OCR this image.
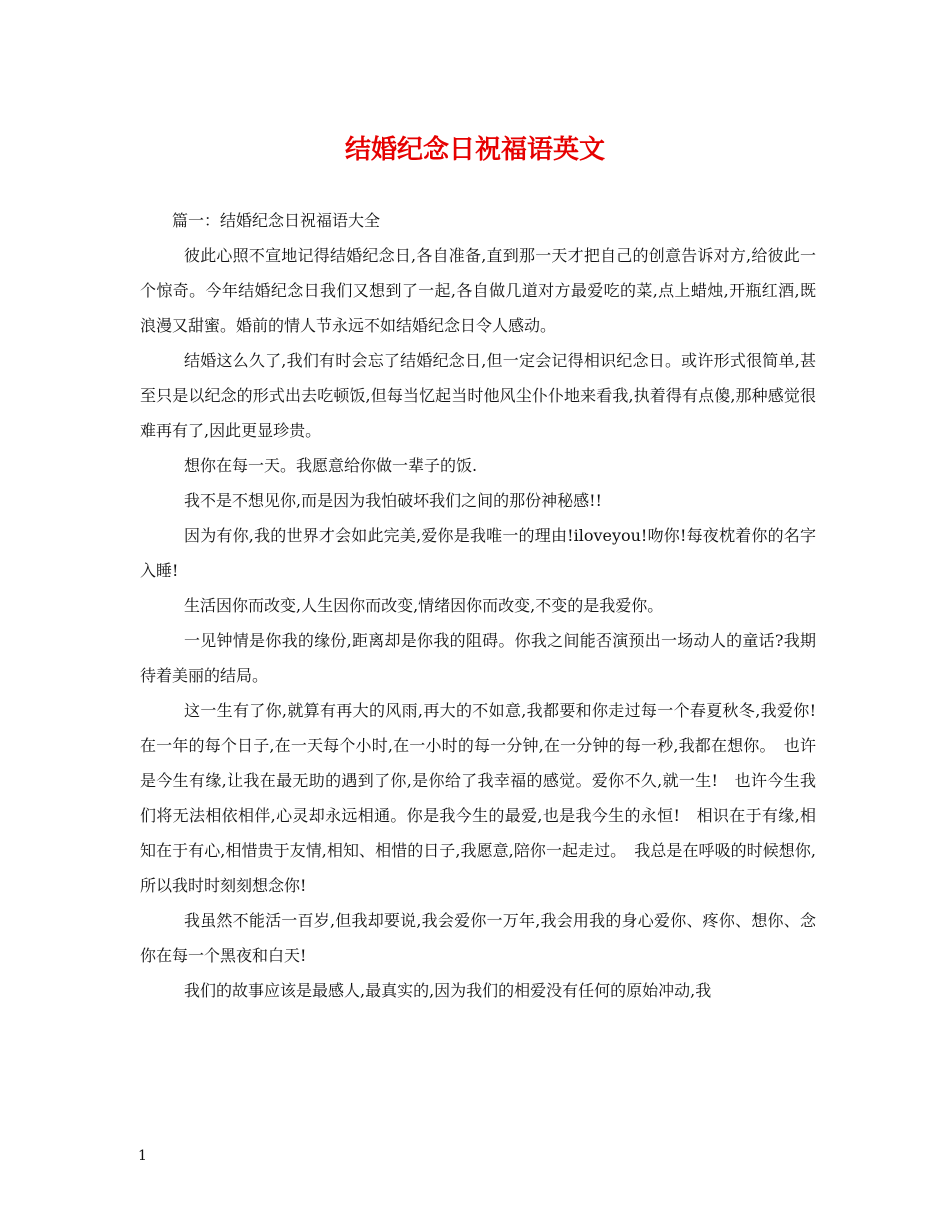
结婚纪念日祝福语英文

篇一：结婚纪念日祝福语大全

彼此心照不宣地记得结婚纪念日,各自准备,直到那一天才把自己的创意告诉对方,给彼此一个惊奇。今年结婚纪念日我们又想到了一起,各自做几道对方最爱吃的菜,点上蜡烛,开瓶红酒,既浪漫又甜蜜。婚前的情人节永远不如结婚纪念日令人感动。

结婚这么久了,我们有时会忘了结婚纪念日,但一定会记得相识纪念日。或许形式很简单,甚至只是以纪念的形式出去吃顿饭,但每当忆起当时他风尘仆仆地来看我,执着得有点傻,那种感觉很难再有了,因此更显珍贵。

想你在每一天。我愿意给你做一辈子的饭.

我不是不想见你,而是因为我怕破坏我们之间的那份神秘感!!

因为有你,我的世界才会如此完美,爱你是我唯一的理由!iloveyou!吻你!每夜枕着你的名字入睡!

生活因你而改变,人生因你而改变,情绪因你而改变,不变的是我爱你。

一见钟情是你我的缘份,距离却是你我的阻碍。你我之间能否演预出一场动人的童话?我期待着美丽的结局。

这一生有了你,就算有再大的风雨,再大的不如意,我都要和你走过每一个春夏秋冬,我爱你!　在一年的每个日子,在一天每个小时,在一小时的每一分钟,在一分钟的每一秒,我都在想你。　也许是今生有缘,让我在最无助的遇到了你,是你给了我幸福的感觉。爱你不久,就一生!　也许今生我们将无法相依相伴,心灵却永远相通。你是我今生的最爱,也是我今生的永恒!　相识在于有缘,相知在于有心,相惜贵于友情,相知、相惜的日子,我愿意,陪你一起走过。　我总是在呼吸的时候想你,所以我时时刻刻想念你!

我虽然不能活一百岁,但我却要说,我会爱你一万年,我会用我的身心爱你、疼你、想你、念你在每一个黑夜和白天!

我们的故事应该是最感人,最真实的,因为我们的相爱没有任何的原始冲动,我

1
